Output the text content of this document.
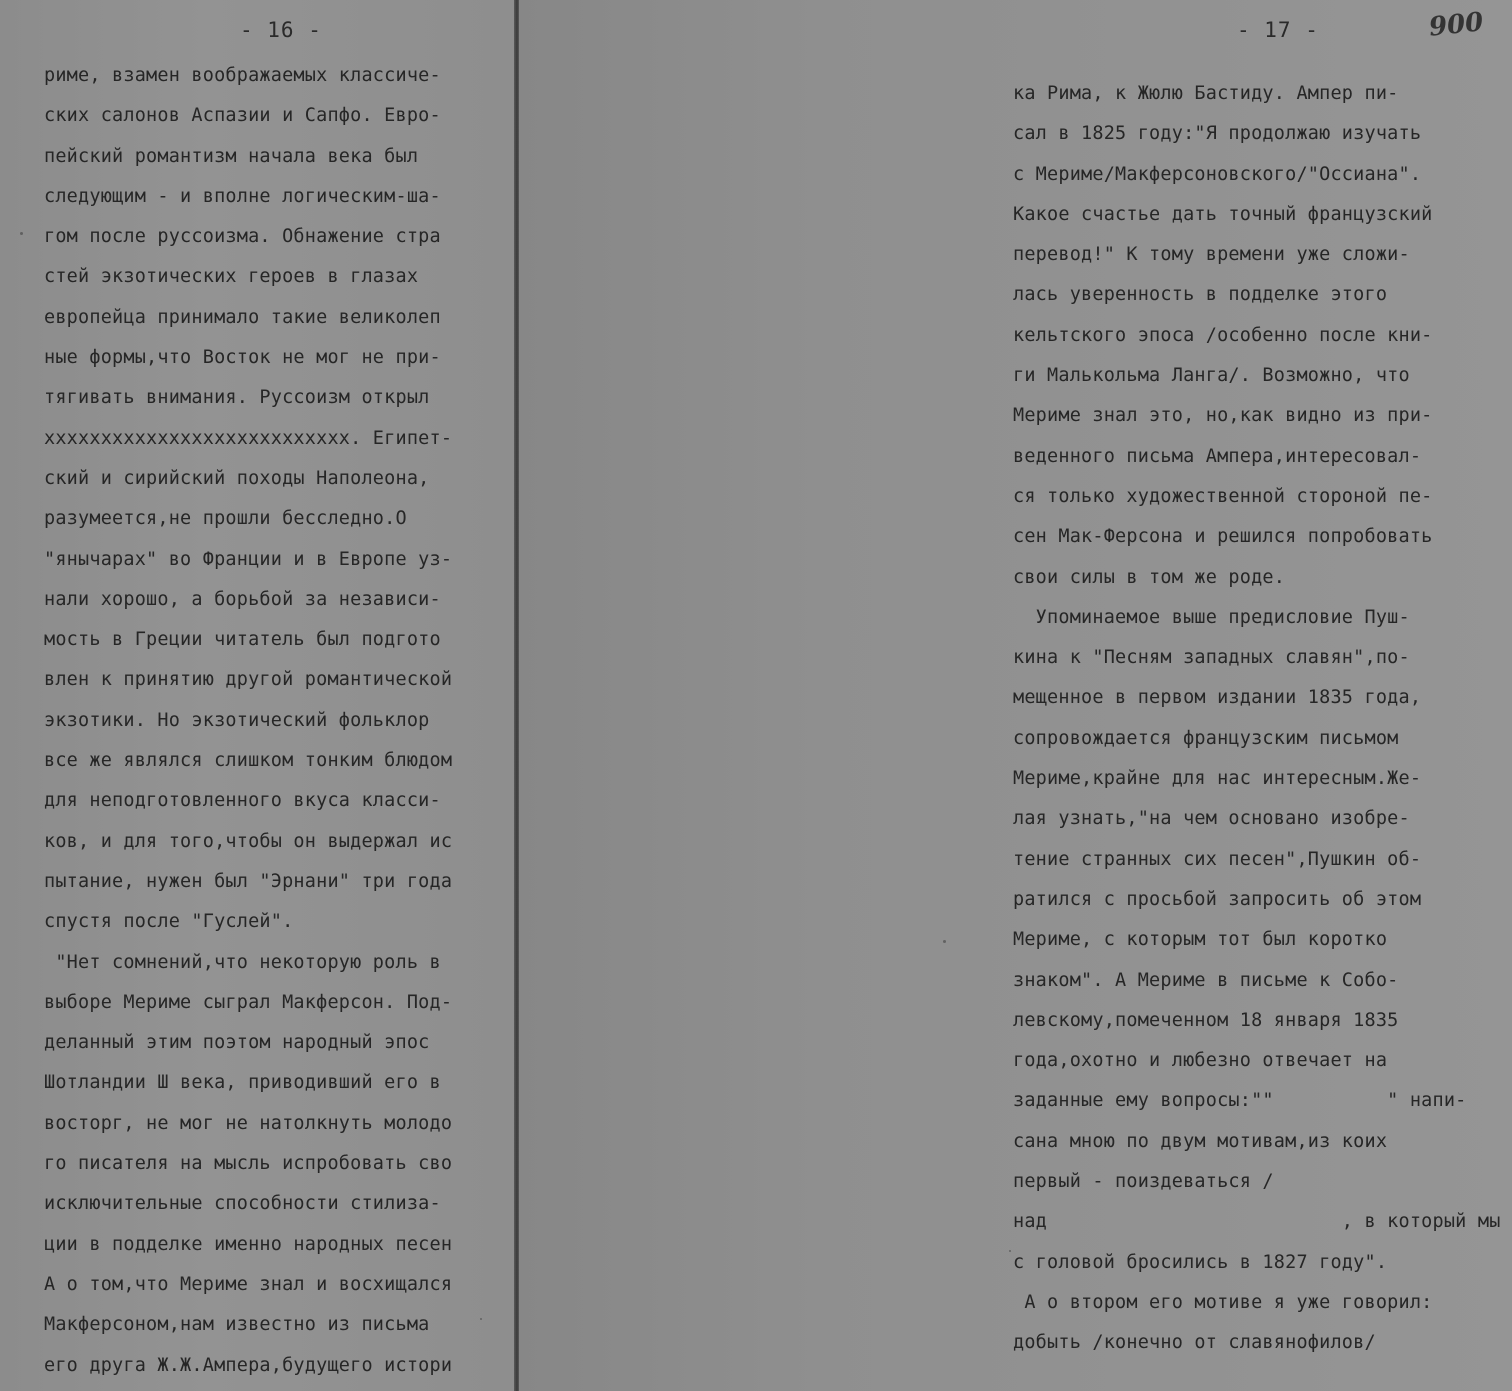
- 16 -
риме, взамен воображаемых классиче-
ских салонов Аспазии и Сапфо. Евро-
пейский романтизм начала века был
следующим - и вполне логическим-ша-
гом после руссоизма. Обнажение стра
стей экзотических героев в глазах
европейца принимало такие великолеп
ные формы,что Восток не мог не при-
тягивать внимания. Руссоизм открыл
ххххххххххххххххххххххххххх. Египет-
ский и сирийский походы Наполеона,
разумеется,не прошли бесследно.О
"янычарах" во Франции и в Европе уз-
нали хорошо, а борьбой за независи-
мость в Греции читатель был подгото
влен к принятию другой романтической
экзотики. Но экзотический фольклор
все же являлся слишком тонким блюдом
для неподготовленного вкуса класси-
ков, и для того,чтобы он выдержал ис
пытание, нужен был "Эрнани" три года
спустя после "Гуслей".
"Нет сомнений,что некоторую роль в
выборе Мериме сыграл Макферсон. Под-
деланный этим поэтом народный эпос
Шотландии Ш века, приводивший его в
восторг, не мог не натолкнуть молодо
го писателя на мысль испробовать сво
исключительные способности стилиза-
ции в подделке именно народных песен
А о том,что Мериме знал и восхищался
Макферсоном,нам известно из письма
его друга Ж.Ж.Ампера,будущего истори
- 17 -	900
ка Рима, к Жюлю Бастиду. Ампер пи-
сал в 1825 году:"Я продолжаю изучать
с Мериме/Макферсоновского/"Оссиана".
Какое счастье дать точный французский
перевод!" К тому времени уже сложи-
лась уверенность в подделке этого
кельтского эпоса /особенно после кни-
ги Малькольма Ланга/. Возможно, что
Мериме знал это, но,как видно из при-
веденного письма Ампера,интересовал-
ся только художественной стороной пе-
сен Мак-Ферсона и решился попробовать
свои силы в том же роде.
Упоминаемое выше предисловие Пуш-
кина к "Песням западных славян",по-
мещенное в первом издании 1835 года,
сопровождается французским письмом
Мериме,крайне для нас интересным.Же-
лая узнать,"на чем основано изобре-
тение странных сих песен",Пушкин об-
ратился с просьбой запросить об этом
Мериме, с которым тот был коротко
знаком". А Мериме в письме к Собо-
левскому,помеченном 18 января 1835
года,охотно и любезно отвечает на
заданные ему вопросы:""          " напи-
сана мною по двум мотивам,из коих
первый - поиздеваться /
над                          , в который мы
с головой бросились в 1827 году".
А о втором его мотиве я уже говорил:
добыть /конечно от славянофилов/
